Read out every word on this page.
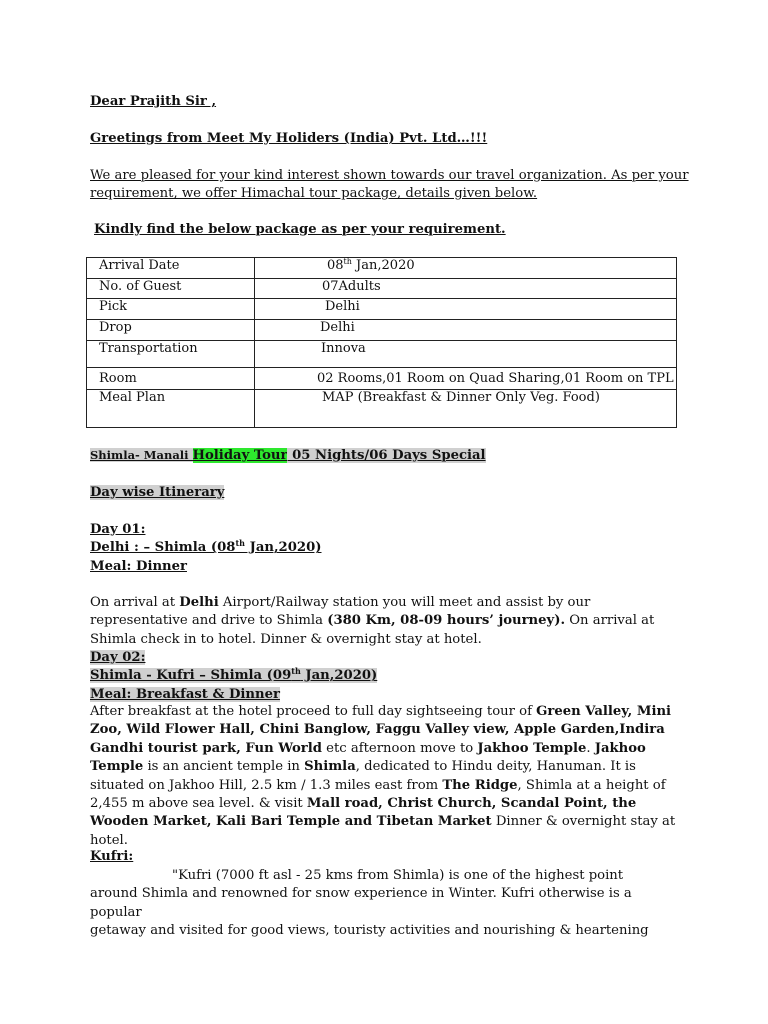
Dear Prajith Sir ,
Greetings from Meet My Holiders (India) Pvt. Ltd…!!!
We are pleased for your kind interest shown towards our travel organization. As per your
requirement, we offer Himachal tour package, details given below.
Kindly find the below package as per your requirement.
Arrival Date	08th Jan,2020
No. of Guest	07Adults
Pick	Delhi
Drop	Delhi
Transportation	Innova
Room	02 Rooms,01 Room on Quad Sharing,01 Room on TPL
Meal Plan	MAP (Breakfast & Dinner Only Veg. Food)
Shimla- Manali Holiday Tour 05 Nights/06 Days Special
Day wise Itinerary
Day 01:
Delhi : – Shimla (08th Jan,2020)
Meal: Dinner
On arrival at Delhi Airport/Railway station you will meet and assist by our representative and drive to Shimla (380 Km, 08-09 hours’ journey). On arrival at Shimla check in to hotel. Dinner & overnight stay at hotel.
Day 02:
Shimla - Kufri – Shimla (09th Jan,2020)
Meal: Breakfast & Dinner
After breakfast at the hotel proceed to full day sightseeing tour of Green Valley, Mini Zoo, Wild Flower Hall, Chini Banglow, Faggu Valley view, Apple Garden,Indira Gandhi tourist park, Fun World etc afternoon move to Jakhoo Temple. Jakhoo Temple is an ancient temple in Shimla, dedicated to Hindu deity, Hanuman. It is situated on Jakhoo Hill, 2.5 km / 1.3 miles east from The Ridge, Shimla at a height of 2,455 m above sea level. & visit Mall road, Christ Church, Scandal Point, the Wooden Market, Kali Bari Temple and Tibetan Market Dinner & overnight stay at hotel.
Kufri:
"Kufri (7000 ft asl - 25 kms from Shimla) is one of the highest point
around Shimla and renowned for snow experience in Winter. Kufri otherwise is a popular
getaway and visited for good views, touristy activities and nourishing & heartening
